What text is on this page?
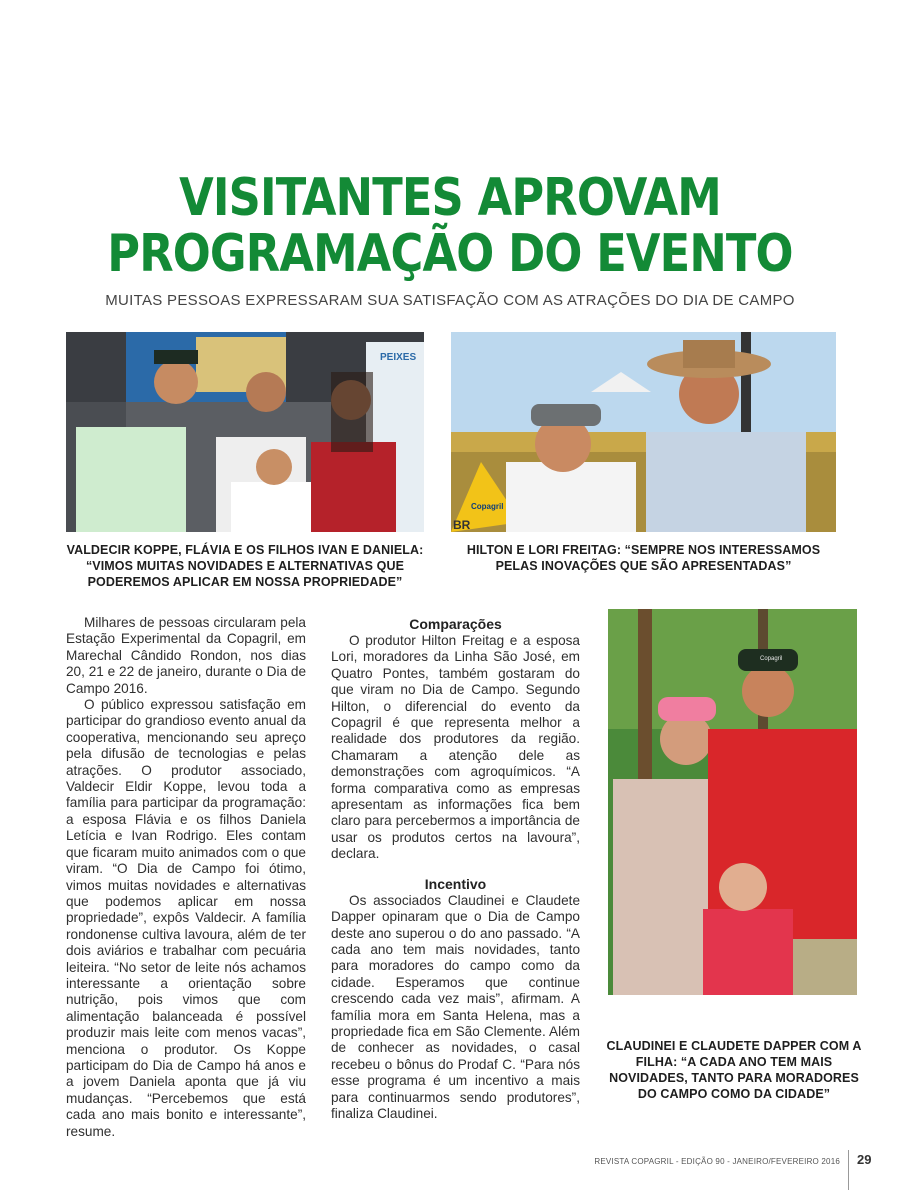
VISITANTES APROVAM
PROGRAMAÇÃO DO EVENTO
MUITAS PESSOAS EXPRESSARAM SUA SATISFAÇÃO COM AS ATRAÇÕES DO DIA DE CAMPO
PEIXES
VALDECIR KOPPE, FLÁVIA E OS FILHOS IVAN E DANIELA: “VIMOS MUITAS NOVIDADES E ALTERNATIVAS QUE PODEREMOS APLICAR EM NOSSA PROPRIEDADE”
Copagril
BR
HILTON E LORI FREITAG: “SEMPRE NOS INTERESSAMOS PELAS INOVAÇÕES QUE SÃO APRESENTADAS”

Milhares de pessoas circularam pela Estação Experimental da Copagril, em Marechal Cândido Rondon, nos dias 20, 21 e 22 de janeiro, durante o Dia de Campo 2016.

O público expressou satisfação em participar do grandioso evento anual da cooperativa, mencionando seu apreço pela difusão de tecnologias e pelas atrações. O produtor associado, Valdecir Eldir Koppe, levou toda a família para participar da programação: a esposa Flávia e os filhos Daniela Letícia e Ivan Rodrigo. Eles contam que ficaram muito animados com o que viram. “O Dia de Campo foi ótimo, vimos muitas novidades e alternativas que podemos aplicar em nossa propriedade”, expôs Valdecir. A família rondonense cultiva lavoura, além de ter dois aviários e trabalhar com pecuária leiteira. “No setor de leite nós achamos interessante a orientação sobre nutrição, pois vimos que com alimentação balanceada é possível produzir mais leite com menos vacas”, menciona o produtor. Os Koppe participam do Dia de Campo há anos e a jovem Daniela aponta que já viu mudanças. “Percebemos que está cada ano mais bonito e interessante”, resume.

Comparações

O produtor Hilton Freitag e a esposa Lori, moradores da Linha São José, em Quatro Pontes, também gostaram do que viram no Dia de Campo. Segundo Hilton, o diferencial do evento da Copagril é que representa melhor a realidade dos produtores da região. Chamaram a atenção dele as demonstrações com agroquímicos. “A forma comparativa como as empresas apresentam as informações fica bem claro para percebermos a importância de usar os produtos certos na lavoura”, declara.

Incentivo

Os associados Claudinei e Claudete Dapper opinaram que o Dia de Campo deste ano superou o do ano passado. “A cada ano tem mais novidades, tanto para moradores do campo como da cidade. Esperamos que continue crescendo cada vez mais”, afirmam. A família mora em Santa Helena, mas a propriedade fica em São Clemente. Além de conhecer as novidades, o casal recebeu o bônus do Prodaf C. “Para nós esse programa é um incentivo a mais para continuarmos sendo produtores”, finaliza Claudinei.

Copagril
CLAUDINEI E CLAUDETE DAPPER COM A FILHA: “A CADA ANO TEM MAIS NOVIDADES, TANTO PARA MORADORES DO CAMPO COMO DA CIDADE”
REVISTA COPAGRIL - EDIÇÃO 90 - JANEIRO/FEVEREIRO 2016 29
